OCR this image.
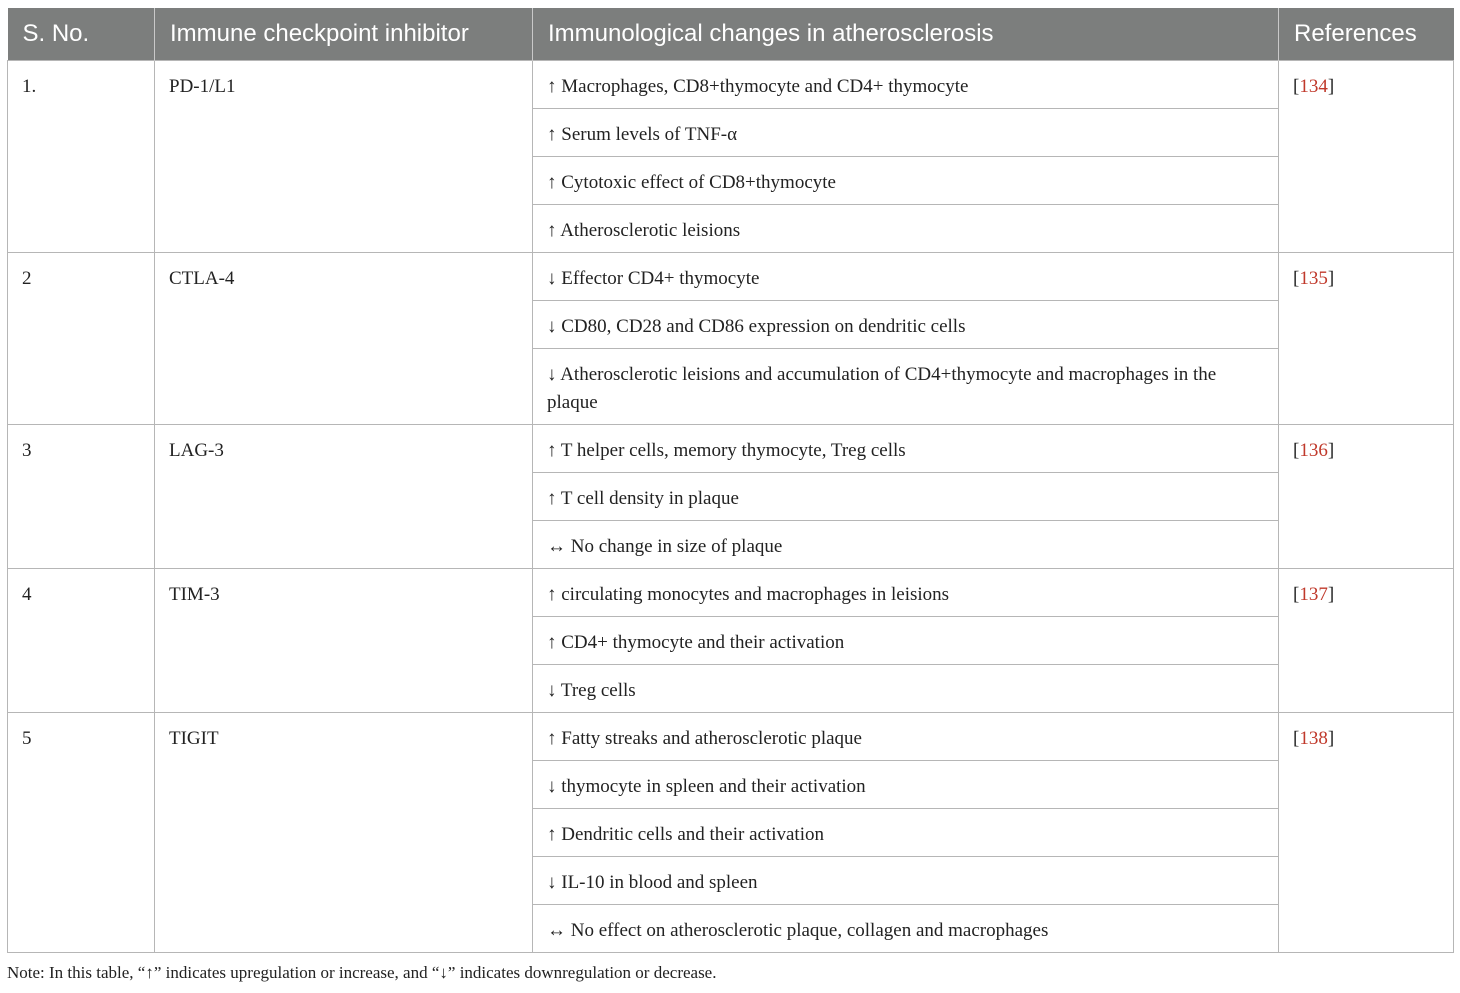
S. No.	Immune checkpoint inhibitor	Immunological changes in atherosclerosis	References
1.	PD-1/L1	↑ Macrophages, CD8+thymocyte and CD4+ thymocyte	[134]
		↑ Serum levels of TNF-α	
		↑ Cytotoxic effect of CD8+thymocyte	
		↑ Atherosclerotic leisions	
2	CTLA-4	↓ Effector CD4+ thymocyte	[135]
		↓ CD80, CD28 and CD86 expression on dendritic cells	
		↓ Atherosclerotic leisions and accumulation of CD4+thymocyte and macrophages in the plaque	
3	LAG-3	↑ T helper cells, memory thymocyte, Treg cells	[136]
		↑ T cell density in plaque	
		↔ No change in size of plaque	
4	TIM-3	↑ circulating monocytes and macrophages in leisions	[137]
		↑ CD4+ thymocyte and their activation	
		↓ Treg cells	
5	TIGIT	↑ Fatty streaks and atherosclerotic plaque	[138]
		↓ thymocyte in spleen and their activation	
		↑ Dendritic cells and their activation	
		↓ IL-10 in blood and spleen	
		↔ No effect on atherosclerotic plaque, collagen and macrophages	
Note: In this table, “↑” indicates upregulation or increase, and “↓” indicates downregulation or decrease.
